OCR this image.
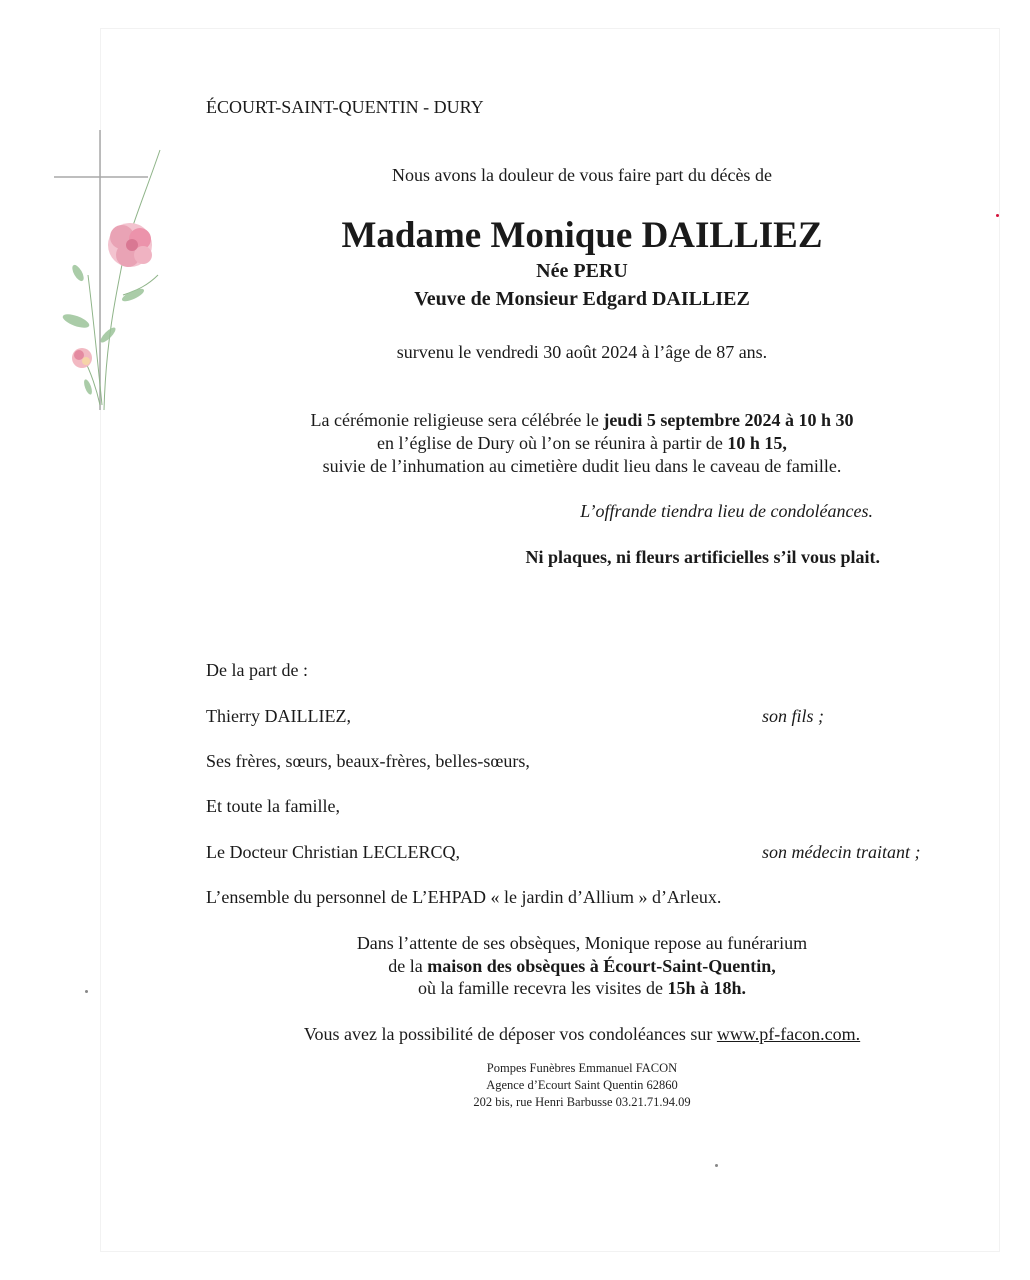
ÉCOURT-SAINT-QUENTIN - DURY
Nous avons la douleur de vous faire part du décès de
Madame Monique DAILLIEZ
Née PERU
Veuve de Monsieur Edgard DAILLIEZ
survenu le vendredi 30 août 2024 à l’âge de 87 ans.
La cérémonie religieuse sera célébrée le jeudi 5 septembre 2024 à 10 h 30
en l’église de Dury où l’on se réunira à partir de 10 h 15,
suivie de l’inhumation au cimetière dudit lieu dans le caveau de famille.
L’offrande tiendra lieu de condoléances.
Ni plaques, ni fleurs artificielles s’il vous plait.
De la part de :
Thierry DAILLIEZ,	son fils ;
Ses frères, sœurs, beaux-frères, belles-sœurs,
Et toute la famille,
Le Docteur Christian LECLERCQ,	son médecin traitant ;
L’ensemble du personnel de L’EHPAD « le jardin d’Allium » d’Arleux.
Dans l’attente de ses obsèques, Monique repose au funérarium
de la maison des obsèques à Écourt-Saint-Quentin,
où la famille recevra les visites de 15h à 18h.
Vous avez la possibilité de déposer vos condoléances sur www.pf-facon.com.
Pompes Funèbres Emmanuel FACON
Agence d’Ecourt Saint Quentin 62860
202 bis, rue Henri Barbusse 03.21.71.94.09
